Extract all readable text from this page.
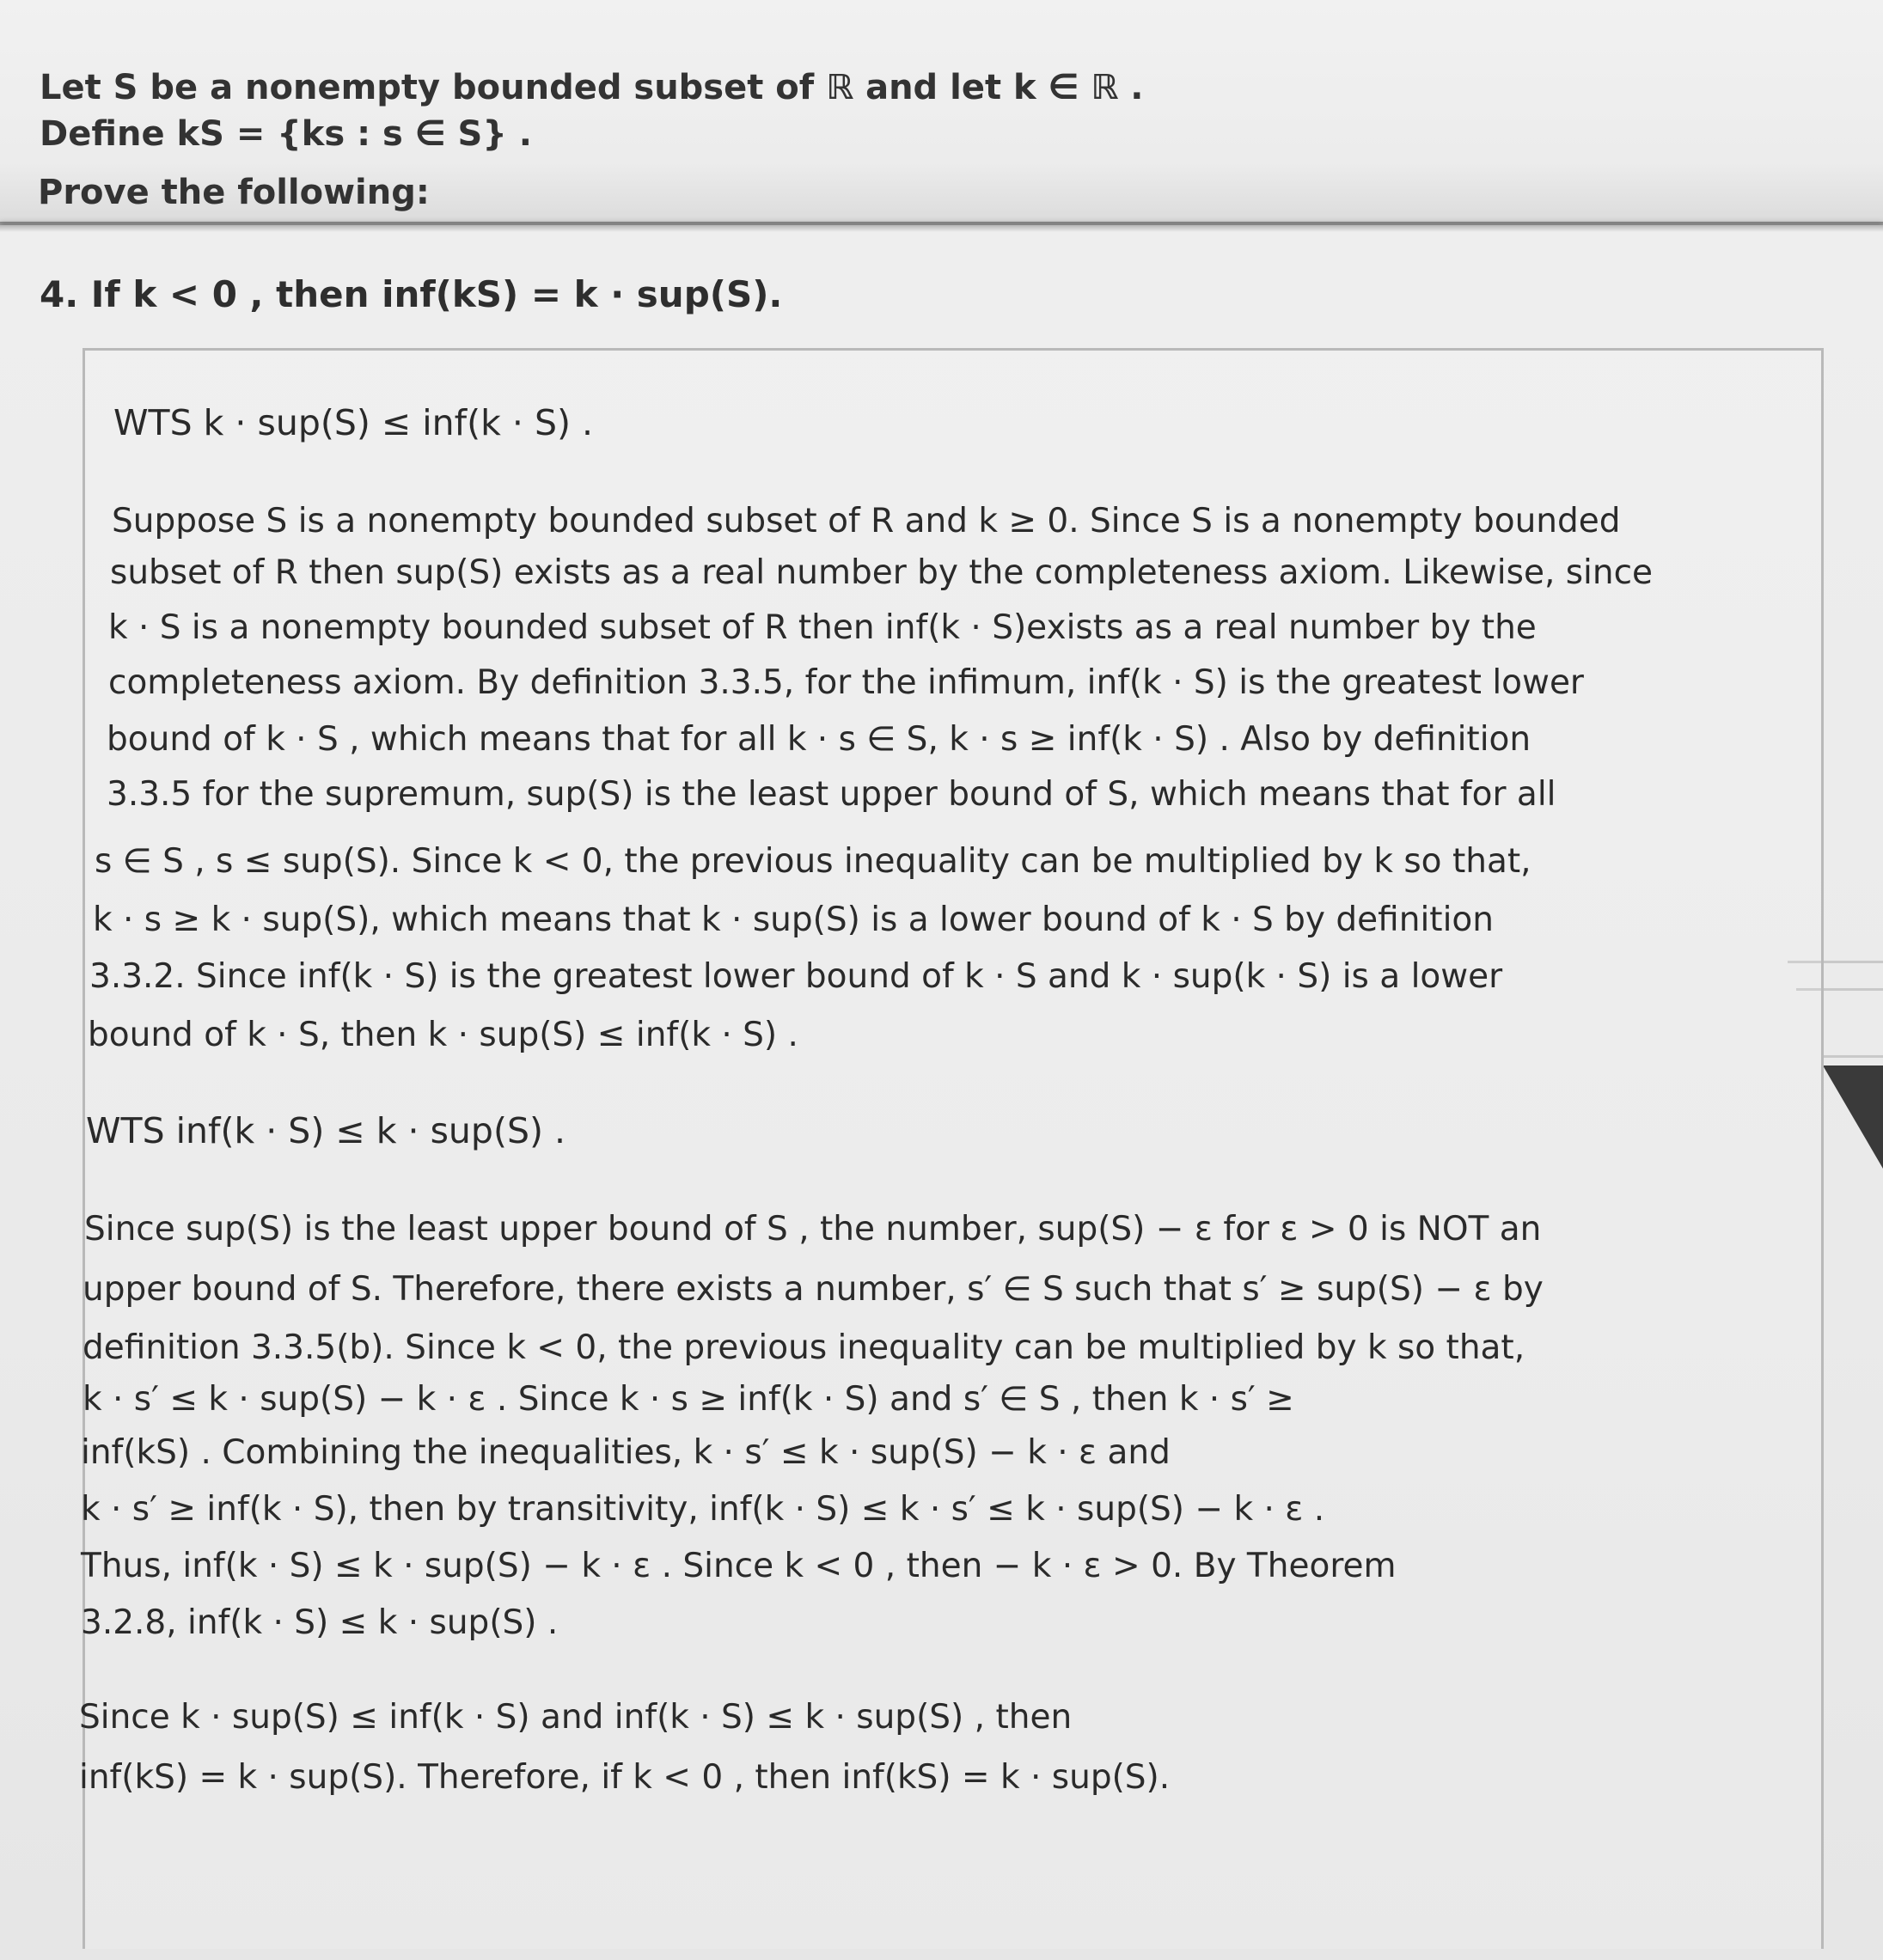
Let S be a nonempty bounded subset of ℝ and let k ∈ ℝ .
Define kS = {ks : s ∈ S} .
Prove the following:
4. If k < 0 , then inf(kS) = k · sup(S).
WTS k · sup(S) ≤ inf(k · S) .
Suppose S is a nonempty bounded subset of R and k ≥ 0. Since S is a nonempty bounded
subset of R then sup(S) exists as a real number by the completeness axiom. Likewise, since
k · S is a nonempty bounded subset of R then inf(k · S)exists as a real number by the
completeness axiom. By definition 3.3.5, for the infimum, inf(k · S) is the greatest lower
bound of k · S , which means that for all k · s ∈ S, k · s ≥ inf(k · S) . Also by definition
3.3.5 for the supremum, sup(S) is the least upper bound of S, which means that for all
s ∈ S , s ≤ sup(S). Since k < 0, the previous inequality can be multiplied by k so that,
k · s ≥ k · sup(S), which means that k · sup(S) is a lower bound of k · S by definition
3.3.2. Since inf(k · S) is the greatest lower bound of k · S and k · sup(k · S) is a lower
bound of k · S, then k · sup(S) ≤ inf(k · S) .
WTS inf(k · S) ≤ k · sup(S) .
Since sup(S) is the least upper bound of S , the number, sup(S) − ε for ε > 0 is NOT an
upper bound of S. Therefore, there exists a number, s′ ∈ S such that s′ ≥ sup(S) − ε by
definition 3.3.5(b). Since k < 0, the previous inequality can be multiplied by k so that,
k · s′ ≤ k · sup(S) − k · ε . Since k · s ≥ inf(k · S) and s′ ∈ S , then k · s′ ≥
inf(kS) . Combining the inequalities, k · s′ ≤ k · sup(S) − k · ε and
k · s′ ≥ inf(k · S), then by transitivity, inf(k · S) ≤ k · s′ ≤ k · sup(S) − k · ε .
Thus, inf(k · S) ≤ k · sup(S) − k · ε . Since k < 0 , then − k · ε > 0. By Theorem
3.2.8, inf(k · S) ≤ k · sup(S) .
Since k · sup(S) ≤ inf(k · S) and inf(k · S) ≤ k · sup(S) , then
inf(kS) = k · sup(S). Therefore, if k < 0 , then inf(kS) = k · sup(S).
